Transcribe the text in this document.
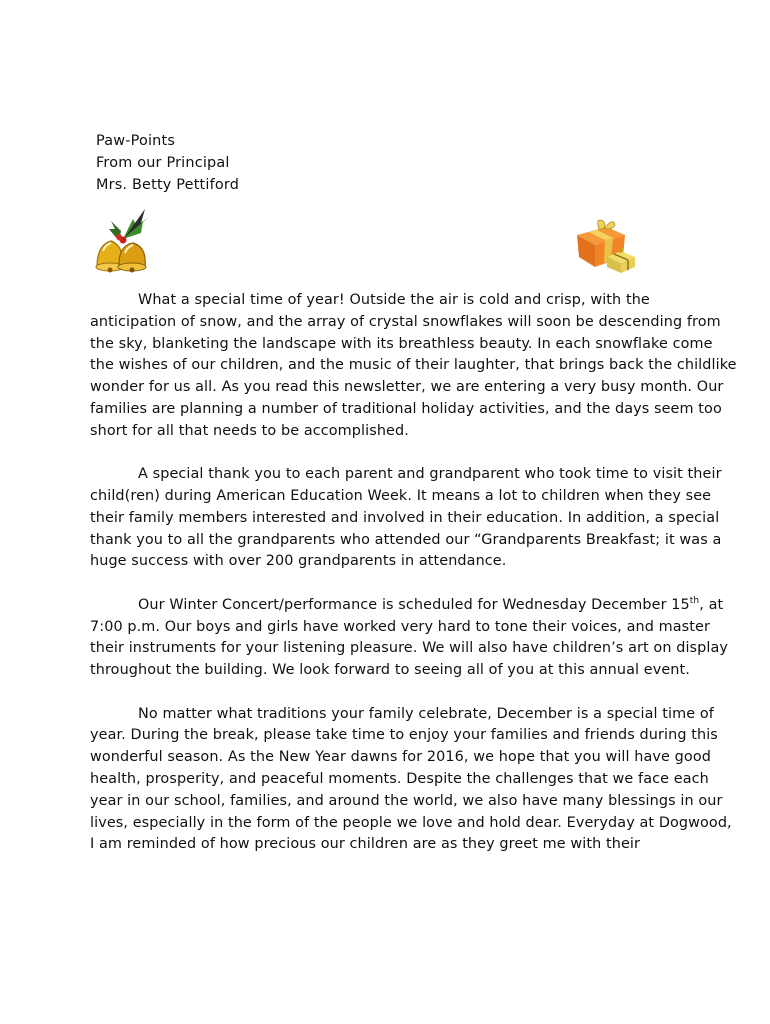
Paw-Points
From our Principal
Mrs. Betty Pettiford

What a special time of year! Outside the air is cold and crisp, with the anticipation of snow, and the array of crystal snowflakes will soon be descending from the sky, blanketing the landscape with its breathless beauty. In each snowflake come the wishes of our children, and the music of their laughter, that brings back the childlike wonder for us all. As you read this newsletter, we are entering a very busy month. Our families are planning a number of traditional holiday activities, and the days seem too short for all that needs to be accomplished.

A special thank you to each parent and grandparent who took time to visit their child(ren) during American Education Week. It means a lot to children when they see their family members interested and involved in their education. In addition, a special thank you to all the grandparents who attended our “Grandparents Breakfast; it was a huge success with over 200 grandparents in attendance.

Our Winter Concert/performance is scheduled for Wednesday December 15th, at 7:00 p.m. Our boys and girls have worked very hard to tone their voices, and master their instruments for your listening pleasure. We will also have children’s art on display throughout the building. We look forward to seeing all of you at this annual event.

No matter what traditions your family celebrate, December is a special time of year. During the break, please take time to enjoy your families and friends during this wonderful season. As the New Year dawns for 2016, we hope that you will have good health, prosperity, and peaceful moments. Despite the challenges that we face each year in our school, families, and around the world, we also have many blessings in our lives, especially in the form of the people we love and hold dear. Everyday at Dogwood, I am reminded of how precious our children are as they greet me with their
